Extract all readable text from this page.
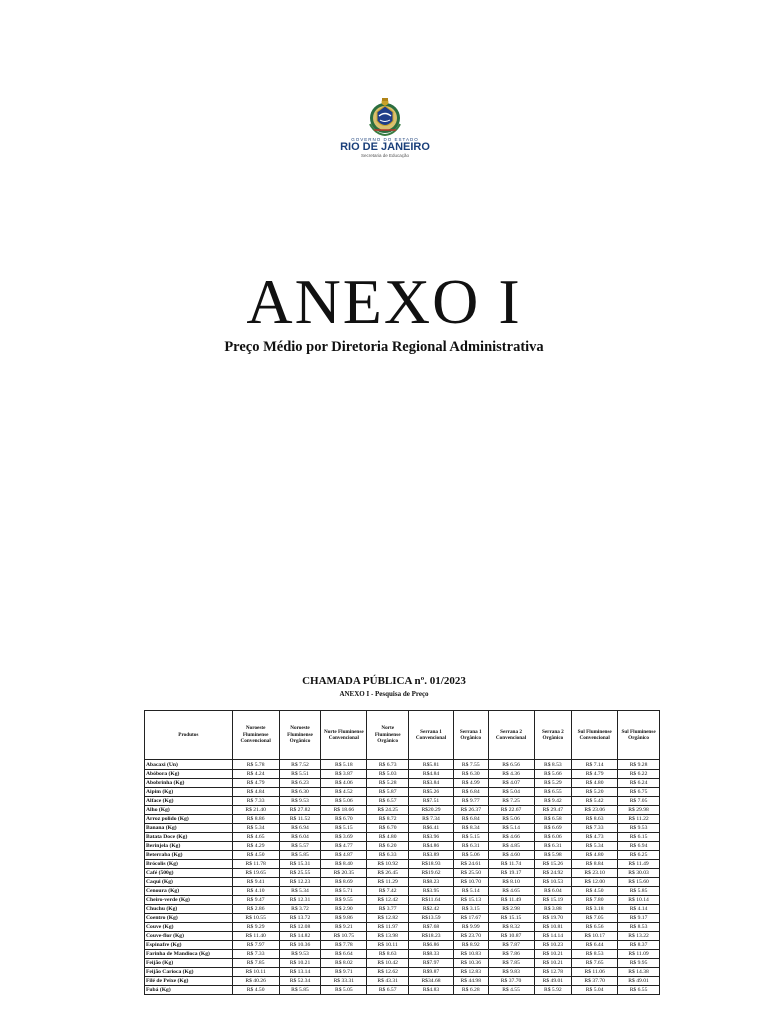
GOVERNO DO ESTADO
RIO DE JANEIRO
Secretaria de Educação
ANEXO I
Preço Médio por Diretoria Regional Administrativa
CHAMADA PÚBLICA nº. 01/2023
ANEXO I - Pesquisa de Preço
Produtos	Noroeste Fluminense Convencional	Noroeste Fluminense Orgânico	Norte Fluminense Convencional	Norte Fluminense Orgânico	Serrana 1 Convencional	Serrana 1 Orgânico	Serrana 2 Convencional	Serrana 2 Orgânico	Sul Fluminense Convencional	Sul Fluminense Orgânico
Abacaxi (Un)	R$ 5.78	R$ 7.52	R$ 5.18	R$ 6.73	R$5.81	R$ 7.55	R$ 6.56	R$ 8.53	R$ 7.14	R$ 9.28
Abóbora (Kg)	R$ 4.24	R$ 5.51	R$ 3.87	R$ 5.03	R$4.84	R$ 6.30	R$ 4.36	R$ 5.66	R$ 4.79	R$ 6.22
Abobrinha (Kg)	R$ 4.79	R$ 6.23	R$ 4.06	R$ 5.28	R$3.84	R$ 4.99	R$ 4.07	R$ 5.29	R$ 4.80	R$ 6.24
Aipim (Kg)	R$ 4.84	R$ 6.30	R$ 4.52	R$ 5.87	R$5.26	R$ 6.84	R$ 5.04	R$ 6.55	R$ 5.20	R$ 6.75
Alface (Kg)	R$ 7.33	R$ 9.53	R$ 5.06	R$ 6.57	R$7.51	R$ 9.77	R$ 7.25	R$ 9.42	R$ 5.42	R$ 7.05
Alho (Kg)	R$ 21.40	R$ 27.82	R$ 18.66	R$ 24.25	R$20.29	R$ 26.37	R$ 22.67	R$ 29.47	R$ 23.06	R$ 29.98
Arroz polido (Kg)	R$ 8.86	R$ 11.52	R$ 6.70	R$ 8.72	R$ 7.34	R$ 6.84	R$ 5.06	R$ 6.58	R$ 8.63	R$ 11.22
Banana (Kg)	R$ 5.34	R$ 6.94	R$ 5.15	R$ 6.70	R$6.41	R$ 8.34	R$ 5.14	R$ 6.69	R$ 7.33	R$ 9.53
Batata Doce (Kg)	R$ 4.65	R$ 6.04	R$ 3.69	R$ 4.80	R$3.96	R$ 5.15	R$ 4.66	R$ 6.06	R$ 4.73	R$ 6.15
Berinjela (Kg)	R$ 4.29	R$ 5.57	R$ 4.77	R$ 6.20	R$4.86	R$ 6.31	R$ 4.85	R$ 6.31	R$ 5.34	R$ 6.94
Beterraba (Kg)	R$ 4.50	R$ 5.85	R$ 4.87	R$ 6.33	R$3.89	R$ 5.06	R$ 4.60	R$ 5.98	R$ 4.80	R$ 6.25
Brócolis (Kg)	R$ 11.78	R$ 15.31	R$ 8.40	R$ 10.92	R$18.93	R$ 24.61	R$ 11.74	R$ 15.26	R$ 8.84	R$ 11.49
Café (500g)	R$ 19.65	R$ 25.55	R$ 20.35	R$ 26.45	R$19.62	R$ 25.50	R$ 19.17	R$ 24.92	R$ 23.10	R$ 30.03
Caqui (Kg)	R$ 9.41	R$ 12.23	R$ 8.69	R$ 11.29	R$8.23	R$ 10.70	R$ 8.10	R$ 10.53	R$ 12.00	R$ 15.60
Cenoura (Kg)	R$ 4.10	R$ 5.34	R$ 5.71	R$ 7.42	R$3.95	R$ 5.14	R$ 4.65	R$ 6.04	R$ 4.50	R$ 5.85
Cheiro-verde (Kg)	R$ 9.47	R$ 12.31	R$ 9.55	R$ 12.42	R$11.64	R$ 15.13	R$ 11.49	R$ 15.19	R$ 7.80	R$ 10.14
Chuchu (Kg)	R$ 2.86	R$ 3.72	R$ 2.90	R$ 3.77	R$2.42	R$ 3.15	R$ 2.98	R$ 3.88	R$ 3.18	R$ 4.14
Coentro (Kg)	R$ 10.55	R$ 13.72	R$ 9.86	R$ 12.82	R$13.59	R$ 17.67	R$ 15.15	R$ 19.70	R$ 7.05	R$ 9.17
Couve (Kg)	R$ 9.29	R$ 12.08	R$ 9.21	R$ 11.97	R$7.68	R$ 9.99	R$ 8.32	R$ 10.81	R$ 6.56	R$ 8.53
Couve-flor (Kg)	R$ 11.40	R$ 14.82	R$ 10.75	R$ 13.98	R$18.23	R$ 23.70	R$ 10.87	R$ 14.14	R$ 10.17	R$ 13.22
Espinafre (Kg)	R$ 7.97	R$ 10.36	R$ 7.78	R$ 10.11	R$6.86	R$ 8.92	R$ 7.87	R$ 10.23	R$ 6.44	R$ 8.37
Farinha de Mandioca (Kg)	R$ 7.33	R$ 9.53	R$ 6.64	R$ 8.63	R$8.33	R$ 10.83	R$ 7.86	R$ 10.21	R$ 8.53	R$ 11.09
Feijão (Kg)	R$ 7.85	R$ 10.21	R$ 8.02	R$ 10.42	R$7.97	R$ 10.36	R$ 7.85	R$ 10.21	R$ 7.65	R$ 9.95
Feijão Carioca (Kg)	R$ 10.11	R$ 13.14	R$ 9.71	R$ 12.62	R$9.87	R$ 12.83	R$ 9.83	R$ 12.78	R$ 11.06	R$ 14.38
Filé de Peixe (Kg)	R$ 40.26	R$ 52.34	R$ 33.31	R$ 43.31	R$34.68	R$ 44.98	R$ 37.70	R$ 49.01	R$ 37.70	R$ 49.01
Fubá (Kg)	R$ 4.50	R$ 5.85	R$ 5.05	R$ 6.57	R$4.83	R$ 6.28	R$ 4.55	R$ 5.92	R$ 5.04	R$ 6.55
